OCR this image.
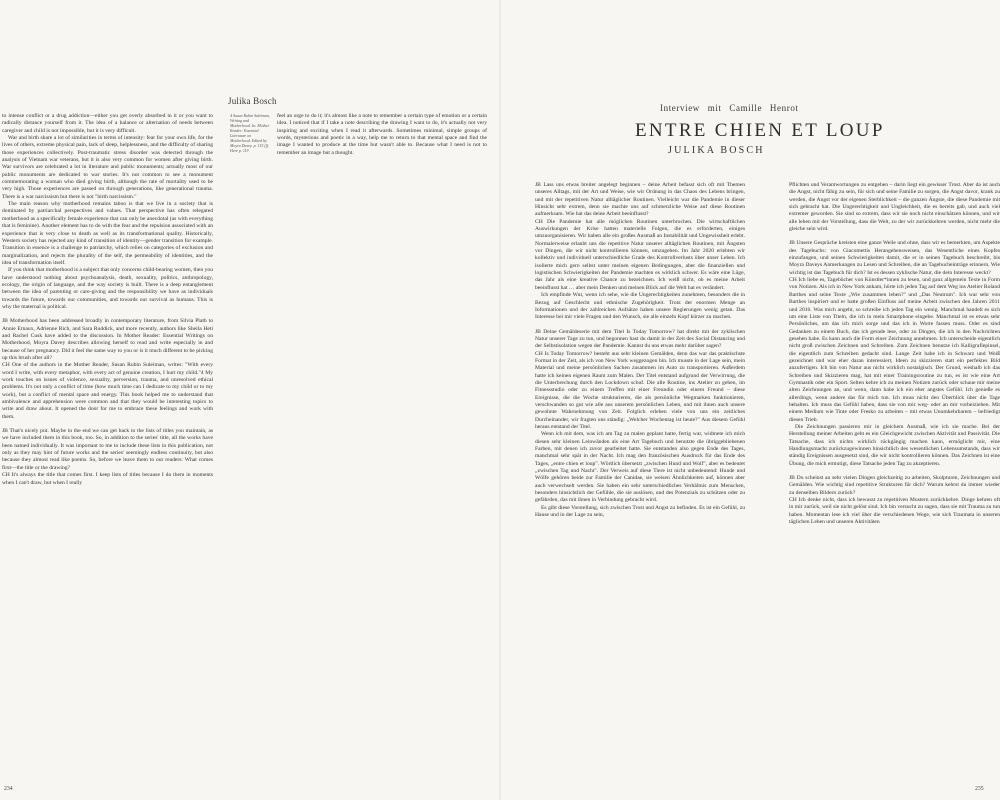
Julika Bosch
4 Susan Rubin Suleiman, Writing and Motherhood. In: Mother Reader: Essential Literature on Motherhood. Edited by Moyra Davey. p. 115 (ff. Here p. 119

to intense conflict or a drug addiction—either you get overly absorbed in it or you want to radically distance yourself from it. The idea of a balance or alternation of needs between caregiver and child is not impossible, but it is very difficult.

War and birth share a lot of similarities in terms of intensity: fear for your own life, for the lives of others, extreme physical pain, lack of sleep, helplessness, and the difficulty of sharing those experiences collectively. Post-traumatic stress disorder was detected through the analysis of Vietnam war veterans, but it is also very common for women after giving birth. War survivors are celebrated a lot in literature and public monuments; actually most of our public monuments are dedicated to war stories. It's not common to see a monument commemorating a woman who died giving birth, although the rate of mortality used to be very high. Those experiences are passed on through generations, like generational trauma. There is a war narcissism but there is not "birth narcissism."

The main reason why motherhood remains taboo is that we live in a society that is dominated by patriarchal perspectives and values. That perspective has often relegated motherhood as a specifically female experience that can only be anecdotal (as with everything that is feminine). Another element has to do with the fear and the repulsion associated with an experience that is very close to death as well as its transformational quality. Historically, Western society has rejected any kind of transition of identity—gender transition for example. Transition in essence is a challenge to patriarchy, which relies on categories of exclusion and marginalization, and rejects the plurality of the self, the permeability of identities, and the idea of transformation itself.

If you think that motherhood is a subject that only concerns child-bearing women, then you have understood nothing about psychoanalysis, death, sexuality, politics, anthropology, ecology, the origin of language, and the way society is built. There is a deep entanglement between the idea of parenting or care-giving and the responsibility we have as individuals towards the future, towards our communities, and towards our survival as humans. This is why the maternal is political.

JB Motherhood has been addressed broadly in contemporary literature, from Silvia Plath to Annie Ernaux, Adrienne Rich, and Sara Ruddick, and more recently, authors like Sheila Heti and Rachel Cusk have added to the discussion. In Mother Reader: Essential Writings on Motherhood, Moyra Davey describes allowing herself to read and write especially in and because of her pregnancy. Did it feel the same way to you or is it much different to be picking up this brush after all?

CH One of the authors in the Mother Reader, Susan Rubin Suleiman, writes: "With every word I write, with every metaphor, with every act of genuine creation, I hurt my child."4 My work touches on issues of violence, sexuality, perversion, trauma, and unresolved ethical problems. It's not only a conflict of time (how much time can I dedicate to my child or to my work), but a conflict of mental space and energy. This book helped me to understand that ambivalence and apprehension were common and that they would be interesting topics to write and draw about. It opened the door for me to embrace these feelings and work with them.

JB That's nicely put. Maybe in the end we can get back to the lists of titles you maintain, as we have included them in this book, too. So, in addition to the series' title, all the works have been named individually. It was important to me to include these lists in this publication, not only as they may hint of future works and the series' seemingly endless continuity, but also because they almost read like poems. So, before we leave them to our readers: What comes first—the title or the drawing?

CH It's always the title that comes first. I keep lists of titles because I do them in moments when I can't draw, but when I really

feel an urge to do it; it's almost like a note to remember a certain type of emotion or a certain idea. I noticed that if I take a note describing the drawing I want to do, it's actually not very inspiring and exciting when I read it afterwards. Sometimes minimal, simple groups of words, mysterious and poetic in a way, help me to return to that mental space and find the image I wanted to produce at the time but wasn't able to. Because what I need is not to remember an image but a thought.

234
Interview mit Camille Henrot
ENTRE CHIEN ET LOUP
JULIKA BOSCH

JB Lass uns etwas breiter angelegt beginnen – deine Arbeit befasst sich oft mit Themen unseres Alltags, mit der Art und Weise, wie wir Ordnung in das Chaos des Lebens bringen, und mit der repetitiven Natur alltäglicher Routinen. Vielleicht war die Pandemie in dieser Hinsicht sehr extrem, denn sie machte uns auf schmerzliche Weise auf diese Routinen aufmerksam. Wie hat das deine Arbeit beeinflusst?

CH Die Pandemie hat alle möglichen Routinen unterbrochen. Die wirtschaftlichen Auswirkungen der Krise hatten materielle Folgen, die es erforderten, einiges umzuorganisieren. Wir haben alle ein großes Ausmaß an Instabilität und Ungewissheit erlebt. Normalerweise erlaubt uns die repetitive Natur unserer alltäglichen Routinen, mit Ängsten vor Dingen, die wir nicht kontrollieren können, umzugehen. Im Jahr 2020 erlebten wir kollektiv und individuell unterschiedliche Grade des Kontrollverlusts über unser Leben. Ich isolierte mich gern selbst unter meinen eigenen Bedingungen, aber die finanziellen und logistischen Schwierigkeiten der Pandemie machten es wirklich schwer. Es wäre eine Lüge, das Jahr als eine kreative Chance zu bezeichnen. Ich weiß nicht, ob es meine Arbeit beeinflusst hat … aber mein Denken und meinen Blick auf die Welt hat es verändert.

Ich empfinde Wut, wenn ich sehe, wie die Ungerechtigkeiten zunehmen, besonders die in Bezug auf Geschlecht und ethnische Zugehörigkeit. Trotz der enormen Menge an Informationen und der zahlreichen Aufsätze haben unsere Regierungen wenig getan. Das Interesse bei mir viele Fragen und den Wunsch, sie alle einzeln Kopf kürzer zu machen.

JB Deine Gemäldeserie mit dem Titel Is Today Tomorrow? hat direkt mit der zyklischen Natur unserer Tage zu tun, und begonnen hast du damit in der Zeit des Social Distancing und der Selbstisolation wegen der Pandemie. Kannst du uns etwas mehr darüber sagen?

CH Is Today Tomorrow? besteht aus sehr kleinen Gemälden, denn das war das praktischste Format in der Zeit, als ich von New York weggezogen bin. Ich musste in der Lage sein, mein Material und meine persönlichen Sachen zusammen im Auto zu transportieren. Außerdem hatte ich keinen eigenen Raum zum Malen. Der Titel entstand aufgrund der Verwirrung, die die Unterbrechung durch den Lockdown schuf. Die alle Routine, ins Atelier zu gehen, im Fitnessstudio oder zu einem Treffen mit einer Freundin oder einem Freund – diese Ereignisse, die die Woche strukturieren, die als persönliche Wegmarken funktionieren, verschwanden so gut wie alle aus unserem persönlichen Leben, und mit ihnen auch unsere gewohnte Wahrnehmung von Zeit. Folglich erleben viele von uns ein zeitliches Durcheinander, wir fragten uns ständig: „Welcher Wochentag ist heute?" Aus diesem Gefühl heraus entstand der Titel.

Wenn ich mit dem, was ich am Tag zu malen geplant hatte, fertig war, widmete ich mich diesen sehr kleinen Leinwänden als eine Art Tagebuch und benutzte die übriggebliebenen Farben, mit denen ich zuvor gearbeitet hatte. Sie entstanden also gegen Ende des Tages, manchmal sehr spät in der Nacht. Ich mag den französischen Ausdruck für das Ende des Tages, „entre chien et loup". Wörtlich übersetzt „zwischen Hund und Wolf", aber es bedeutet „zwischen Tag und Nacht". Der Verweis auf diese Tiere ist nicht unbedeutend: Hunde und Wölfe gehören beide zur Familie der Canidae, sie weisen Ähnlichkeiten auf, können aber auch verwechselt werden. Sie haben ein sehr unterschiedliches Verhältnis zum Menschen, besonders hinsichtlich der Gefühle, die sie auslösen, und des Potenzials zu schützen oder zu gefährden, das mit ihnen in Verbindung gebracht wird.

Es gibt diese Vorstellung, sich zwischen Trost und Angst zu befinden. Es ist ein Gefühl, zu Hause und in der Lage zu sein,

Pflichten und Verantwortungen zu entgehen – darin liegt ein gewisser Trost. Aber da ist auch die Angst, nicht fähig zu sein, für sich und seine Familie zu sorgen, die Angst davor, krank zu werden, die Angst vor der eigenen Sterblichkeit – die ganzen Ängste, die diese Pandemie mit sich gebracht hat. Die Ungerechtigkeit und Ungleichheit, die es bereits gab, und auch viel extremer geworden. Sie sind so extrem, dass wir sie noch nicht einschätzen können, und wir alle leben mit der Vorstellung, dass die Welt, zu der wir zurückkehren werden, nicht mehr die gleiche sein wird.

JB Unsere Gespräche kreisten eine ganze Weile und ohne, dass wir es bemerkten, um Aspekte des Tagebuchs: von Giacomettis Herangehensweisen, das Wesentliche eines Kopfes einzufangen, und seinen Schwierigkeiten damit, die er in seinen Tagebuch beschreibt, bis Moyra Daveys Anmerkungen zu Lesen und Schreiben, die an Tagebucheinträge erinnern. Wie wichtig ist das Tagebuch für dich? Ist es dessen zyklische Natur, die dein Interesse weckt?

CH Ich liebe es, Tagebücher von Künstler*innen zu lesen, und ganz allgemein Texte in Form von Notizen. Als ich in New York ankam, hörte ich jeden Tag auf dem Weg ins Atelier Roland Barthes und seine Texte „Wie zusammen leben?" und „Das Neutrum". Ich war sehr von Barthes inspiriert und er hatte großen Einfluss auf meine Arbeit zwischen den Jahren 2011 und 2016. Was mich angeht, so schreibe ich jeden Tag ein wenig. Manchmal handelt es sich um eine Liste von Titeln, die ich in mein Smartphone eingebe. Manchmal ist es etwas sehr Persönliches, um das ich mich sorge und das ich in Worte fassen muss. Oder es sind Gedanken zu einem Buch, das ich gerade lese, oder zu Dingen, die ich in den Nachrichten gesehen habe. Es kann auch die Form einer Zeichnung annehmen. Ich unterscheide eigentlich nicht groß zwischen Zeichnen und Schreiben. Zum Zeichnen benutze ich Kalligrafiepinsel, die eigentlich zum Schreiben gedacht sind. Lange Zeit habe ich in Schwarz und Weiß gezeichnet und war eher daran interessiert, Ideen zu skizzieren statt ein perfektes Bild anzufertigen. Ich bin von Natur aus nicht wirklich nostalgisch. Der Grund, weshalb ich das Schreiben und Skizzieren mag, hat mit einer Trainingsroutine zu tun, es ist wie eine Art Gymnastik oder ein Sport. Selten kehre ich zu meinen Notizen zurück oder schaue mir meine alten Zeichnungen an, und wenn, dann habe ich ein eher angstes Gefühl. Ich genieße es allerdings, wenn andere das für mich tun. Ich muss nicht den Überblick über die Tage behalten. Ich muss das Gefühl haben, dass sie von mir weg- oder an mir vorbeiziehen. Mit einem Medium wie Tinte oder Fresko zu arbeiten – mit etwas Unumkehrbarem – befriedigt diesen Trieb.

Die Zeichnungen passieren mir in gleichem Ausmaß, wie ich sie mache. Bei der Herstellung meiner Arbeiten geht es ein Gleichgewicht zwischen Aktivität und Passivität. Die Tatsache, dass ich nichts wirklich rückgängig machen kann, ermöglicht mir, eine Handlungsmacht zurückzugewinnen hinsichtlich des wesentlichen Lebensumstands, dass wir ständig Ereignissen ausgesetzt sind, die wir nicht kontrollieren können. Das Zeichnen ist eine Übung, die mich ermutigt, diese Tatsache jeden Tag zu akzeptieren.

JB Du scheinst an sehr vielen Dingen gleichzeitig zu arbeiten, Skulpturen, Zeichnungen und Gemälden. Wie wichtig sind repetitive Strukturen für dich? Warum kehrst du immer wieder zu denselben Bildern zurück?

CH Ich denke nicht, dass ich bewusst zu repetitiven Mustern zurückkehre. Dinge kehren oft in mir zurück, weil sie nicht gelöst sind. Ich bin versucht zu sagen, dass sie mit Trauma zu tun haben. Momentan lese ich viel über die verschiedenen Wege, wie sich Traumata in unseren täglichen Leben und unseren Aktivitäten

235
